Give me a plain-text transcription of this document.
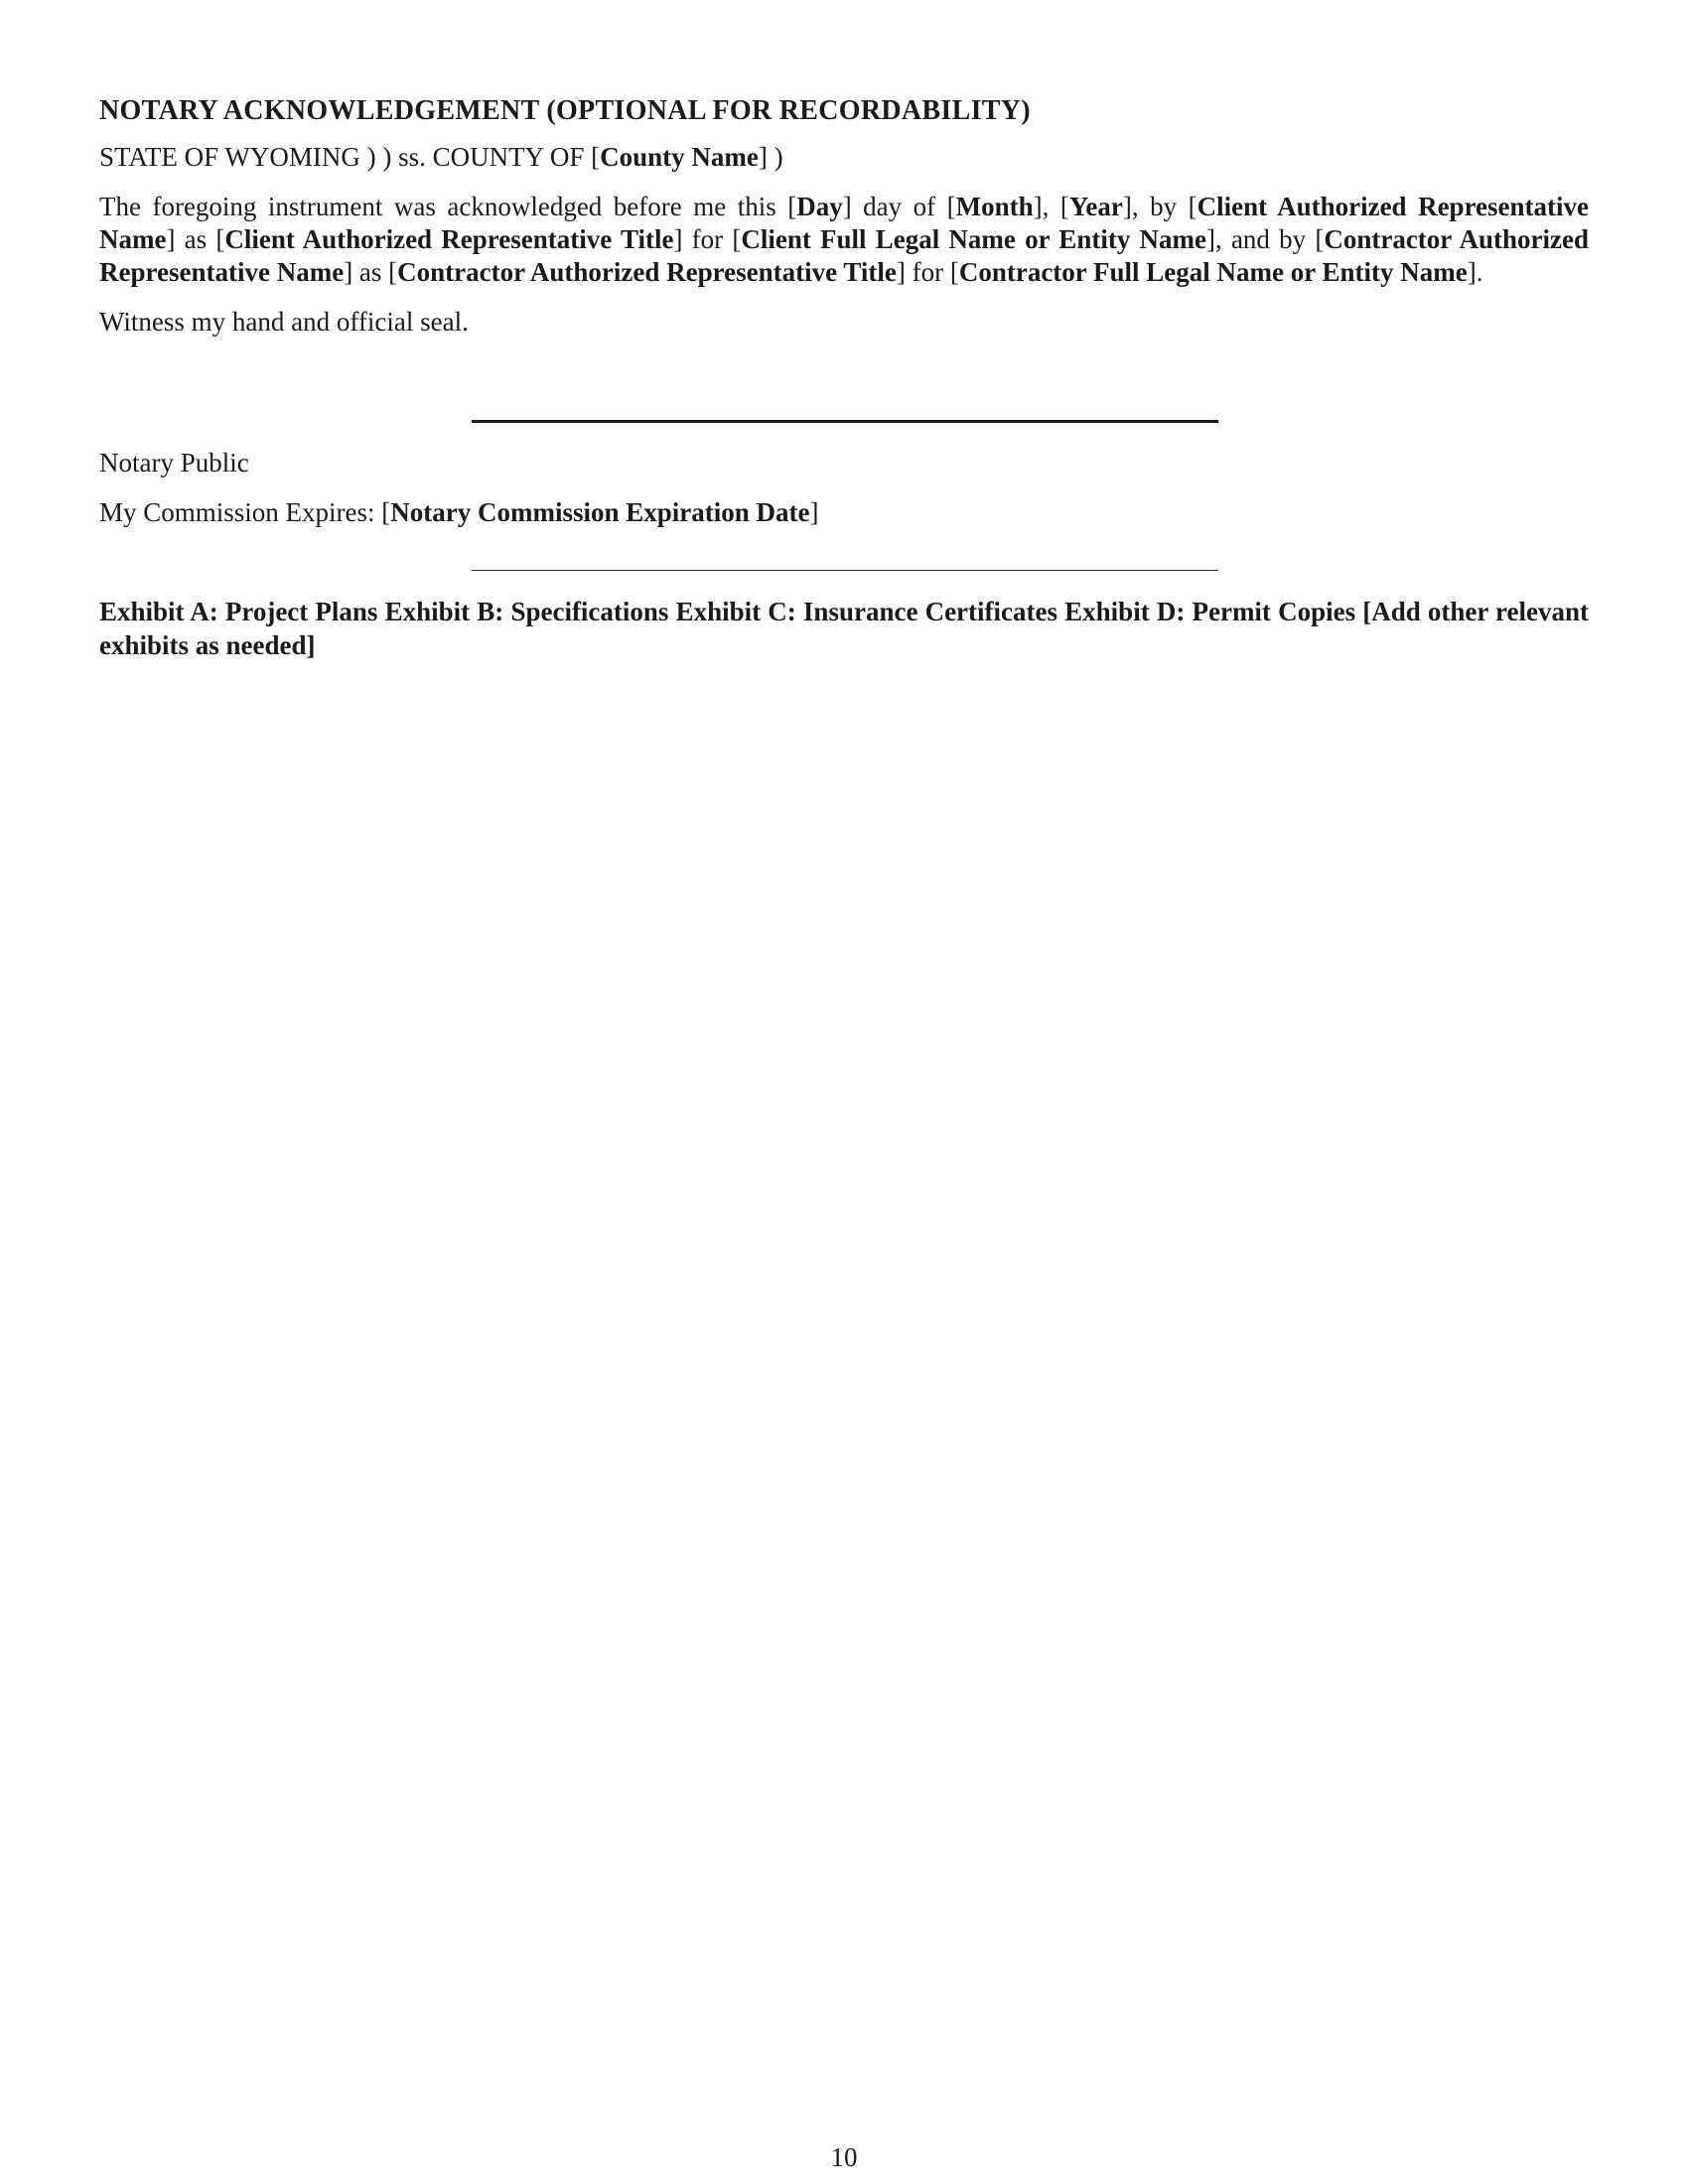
NOTARY ACKNOWLEDGEMENT (OPTIONAL FOR RECORDABILITY)

STATE OF WYOMING ) ) ss. COUNTY OF [County Name] )

The foregoing instrument was acknowledged before me this [Day] day of [Month], [Year], by [Client Authorized Representative Name] as [Client Authorized Representative Title] for [Client Full Legal Name or Entity Name], and by [Contractor Authorized Representative Name] as [Contractor Authorized Representative Title] for [Contractor Full Legal Name or Entity Name].

Witness my hand and official seal.

Notary Public

My Commission Expires: [Notary Commission Expiration Date]

Exhibit A: Project Plans Exhibit B: Specifications Exhibit C: Insurance Certificates Exhibit D: Permit Copies [Add other relevant exhibits as needed]
10
